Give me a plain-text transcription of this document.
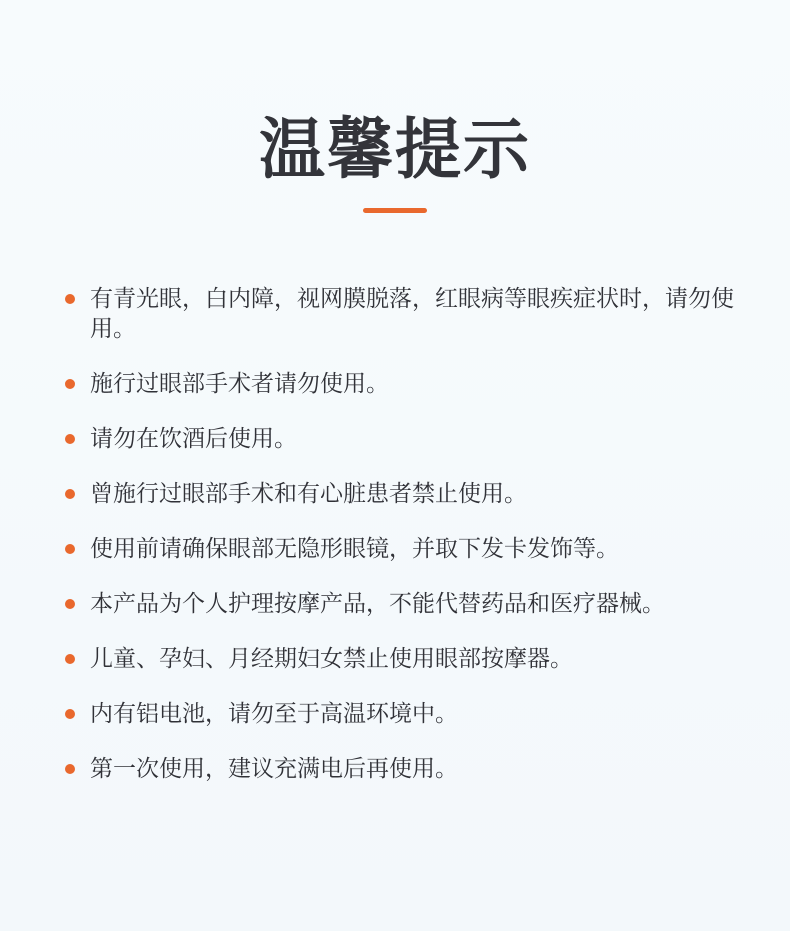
温馨提示
有青光眼，白内障，视网膜脱落，红眼病等眼疾症状时，请勿使用。
施行过眼部手术者请勿使用。
请勿在饮酒后使用。
曾施行过眼部手术和有心脏患者禁止使用。
使用前请确保眼部无隐形眼镜，并取下发卡发饰等。
本产品为个人护理按摩产品，不能代替药品和医疗器械。
儿童、孕妇、月经期妇女禁止使用眼部按摩器。
内有铝电池，请勿至于高温环境中。
第一次使用，建议充满电后再使用。
